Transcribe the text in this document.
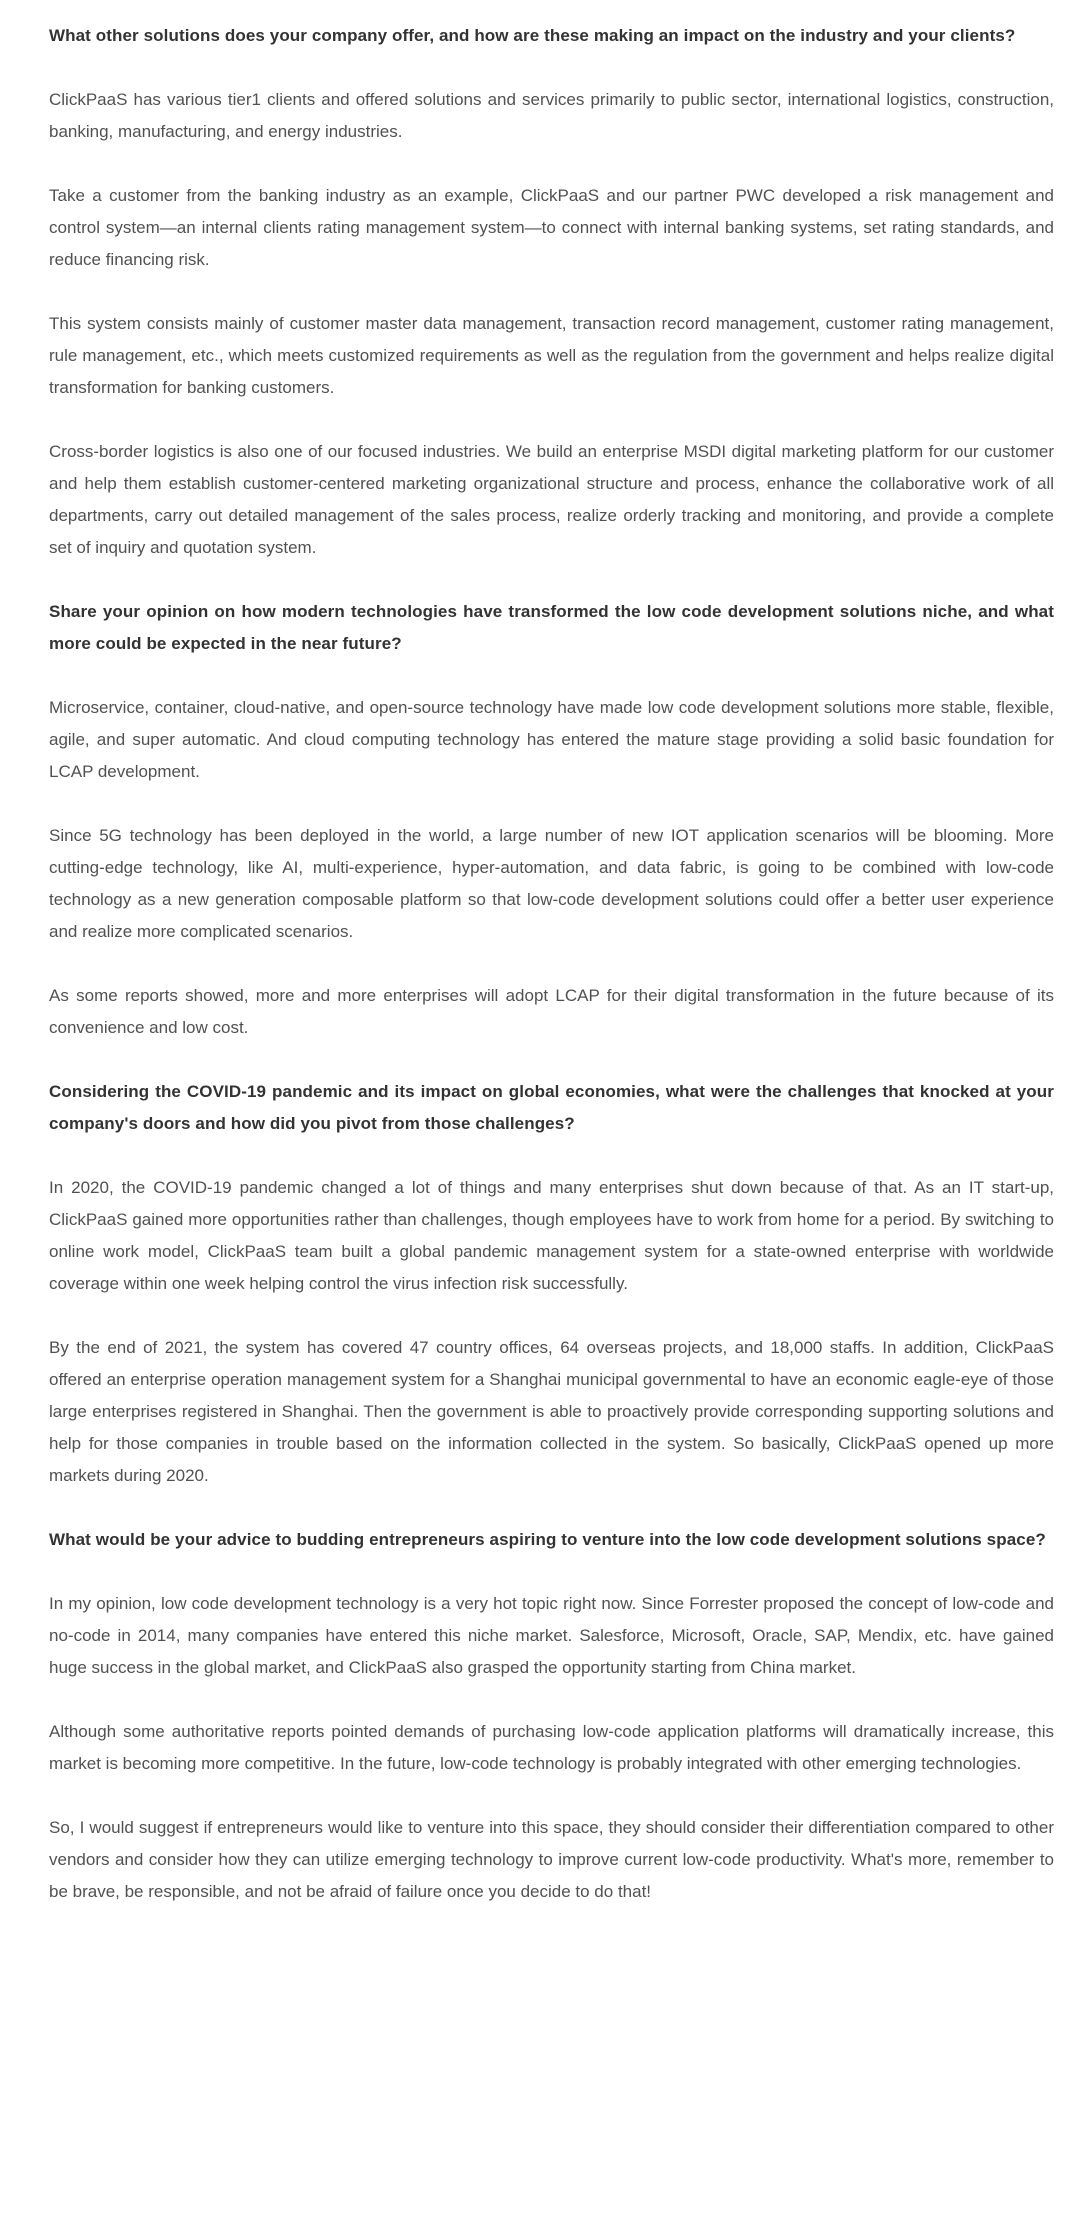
What other solutions does your company offer, and how are these making an impact on the industry and your clients?

ClickPaaS has various tier1 clients and offered solutions and services primarily to public sector, international logistics, construction, banking, manufacturing, and energy industries.

Take a customer from the banking industry as an example, ClickPaaS and our partner PWC developed a risk management and control system—an internal clients rating management system—to connect with internal banking systems, set rating standards, and reduce financing risk.

This system consists mainly of customer master data management, transaction record management, customer rating management, rule management, etc., which meets customized requirements as well as the regulation from the government and helps realize digital transformation for banking customers.

Cross-border logistics is also one of our focused industries. We build an enterprise MSDI digital marketing platform for our customer and help them establish customer-centered marketing organizational structure and process, enhance the collaborative work of all departments, carry out detailed management of the sales process, realize orderly tracking and monitoring, and provide a complete set of inquiry and quotation system.

Share your opinion on how modern technologies have transformed the low code development solutions niche, and what more could be expected in the near future?

Microservice, container, cloud-native, and open-source technology have made low code development solutions more stable, flexible, agile, and super automatic. And cloud computing technology has entered the mature stage providing a solid basic foundation for LCAP development.

Since 5G technology has been deployed in the world, a large number of new IOT application scenarios will be blooming. More cutting-edge technology, like AI, multi-experience, hyper-automation, and data fabric, is going to be combined with low-code technology as a new generation composable platform so that low-code development solutions could offer a better user experience and realize more complicated scenarios.

As some reports showed, more and more enterprises will adopt LCAP for their digital transformation in the future because of its convenience and low cost.

Considering the COVID-19 pandemic and its impact on global economies, what were the challenges that knocked at your company's doors and how did you pivot from those challenges?

In 2020, the COVID-19 pandemic changed a lot of things and many enterprises shut down because of that. As an IT start-up, ClickPaaS gained more opportunities rather than challenges, though employees have to work from home for a period. By switching to online work model, ClickPaaS team built a global pandemic management system for a state-owned enterprise with worldwide coverage within one week helping control the virus infection risk successfully.

By the end of 2021, the system has covered 47 country offices, 64 overseas projects, and 18,000 staffs. In addition, ClickPaaS offered an enterprise operation management system for a Shanghai municipal governmental to have an economic eagle-eye of those large enterprises registered in Shanghai. Then the government is able to proactively provide corresponding supporting solutions and help for those companies in trouble based on the information collected in the system. So basically, ClickPaaS opened up more markets during 2020.

What would be your advice to budding entrepreneurs aspiring to venture into the low code development solutions space?

In my opinion, low code development technology is a very hot topic right now. Since Forrester proposed the concept of low-code and no-code in 2014, many companies have entered this niche market. Salesforce, Microsoft, Oracle, SAP, Mendix, etc. have gained huge success in the global market, and ClickPaaS also grasped the opportunity starting from China market.

Although some authoritative reports pointed demands of purchasing low-code application platforms will dramatically increase, this market is becoming more competitive. In the future, low-code technology is probably integrated with other emerging technologies.

So, I would suggest if entrepreneurs would like to venture into this space, they should consider their differentiation compared to other vendors and consider how they can utilize emerging technology to improve current low-code productivity. What's more, remember to be brave, be responsible, and not be afraid of failure once you decide to do that!
